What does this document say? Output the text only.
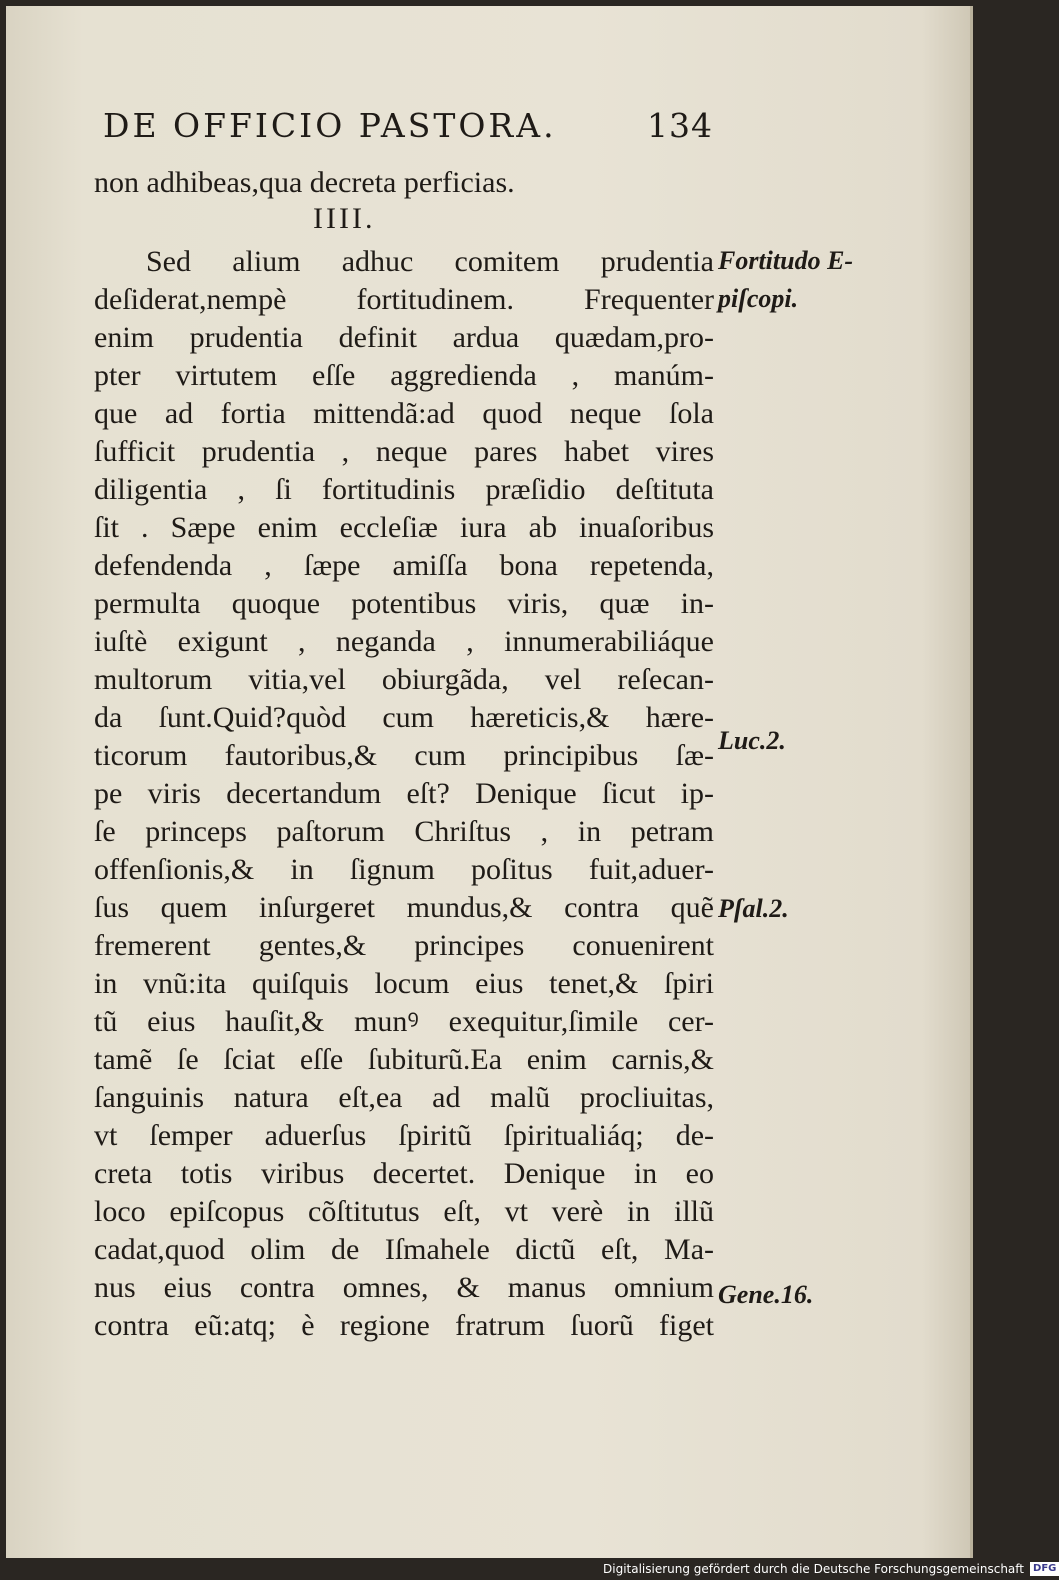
DE OFFICIO PASTORA.	134
non adhibeas,qua decreta perficias.
IIII.
Sed alium adhuc comitem prudentia
deſiderat,nempè fortitudinem. Frequenter
enim prudentia definit ardua quædam,pro-
pter virtutem eſſe aggredienda , manúm-
que ad fortia mittendã:ad quod neque ſola
ſufficit prudentia , neque pares habet vires
diligentia , ſi fortitudinis præſidio deſtituta
ſit . Sæpe enim eccleſiæ iura ab inuaſoribus
defendenda , ſæpe amiſſa bona repetenda,
permulta quoque potentibus viris, quæ in-
iuſtè exigunt , neganda , innumerabiliáque
multorum vitia,vel obiurgãda, vel reſecan-
da ſunt.Quid?quòd cum hæreticis,& hære-
ticorum fautoribus,& cum principibus ſæ-
pe viris decertandum eſt? Denique ſicut ip-
ſe princeps paſtorum Chriſtus , in petram
offenſionis,& in ſignum poſitus fuit,aduer-
ſus quem inſurgeret mundus,& contra quẽ
fremerent gentes,& principes conuenirent
in vnũ:ita quiſquis locum eius tenet,& ſpiri
tũ eius hauſit,& munꝰ exequitur,ſimile cer-
tamẽ ſe ſciat eſſe ſubiturũ.Ea enim carnis,&
ſanguinis natura eſt,ea ad malũ procliuitas,
vt ſemper aduerſus ſpiritũ ſpiritualiáq; de-
creta totis viribus decertet. Denique in eo
loco epiſcopus cõſtitutus eſt, vt verè in illũ
cadat,quod olim de Iſmahele dictũ eſt, Ma-
nus eius contra omnes, & manus omnium
contra eũ:atq; è regione fratrum ſuorũ figet
Fortitudo E-
piſcopi.
Luc.2.
Pſal.2.
Gene.16.
Digitalisierung gefördert durch die Deutsche Forschungsgemeinschaft DFG
